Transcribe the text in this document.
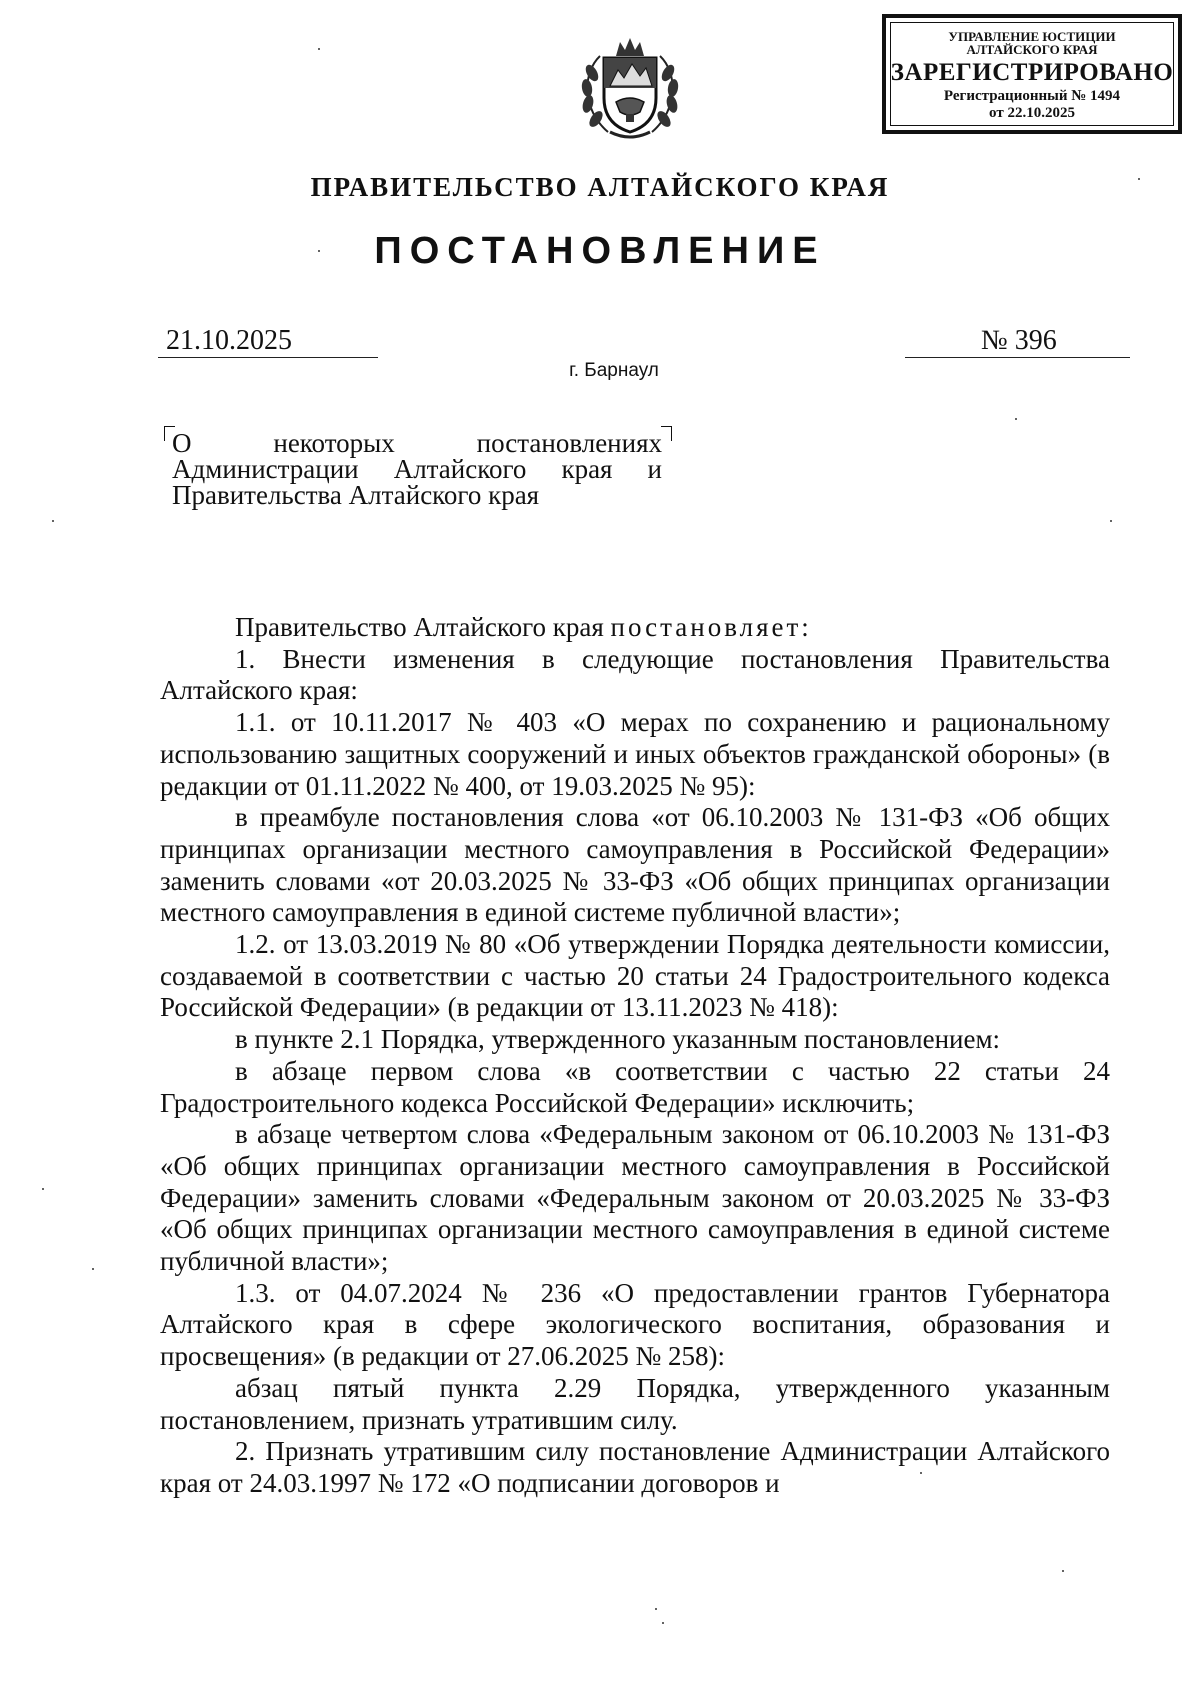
УПРАВЛЕНИЕ ЮСТИЦИИ
АЛТАЙСКОГО КРАЯ
ЗАРЕГИСТРИРОВАНО
Регистрационный № 1494
от 22.10.2025
ПРАВИТЕЛЬСТВО АЛТАЙСКОГО КРАЯ
ПОСТАНОВЛЕНИЕ
21.10.2025	№ 396
г. Барнаул
О некоторых постановлениях
Администрации Алтайского края и
Правительства Алтайского края

Правительство Алтайского края постановляет:

1. Внести изменения в следующие постановления Правительства Алтайского края:

1.1. от 10.11.2017 № 403 «О мерах по сохранению и рациональному использованию защитных сооружений и иных объектов гражданской обороны» (в редакции от 01.11.2022 № 400, от 19.03.2025 № 95):

в преамбуле постановления слова «от 06.10.2003 № 131-ФЗ «Об общих принципах организации местного самоуправления в Российской Федерации» заменить словами «от 20.03.2025 № 33-ФЗ «Об общих принципах организации местного самоуправления в единой системе публичной власти»;

1.2. от 13.03.2019 № 80 «Об утверждении Порядка деятельности комиссии, создаваемой в соответствии с частью 20 статьи 24 Градостроительного кодекса Российской Федерации» (в редакции от 13.11.2023 № 418):

в пункте 2.1 Порядка, утвержденного указанным постановлением:

в абзаце первом слова «в соответствии с частью 22 статьи 24 Градостроительного кодекса Российской Федерации» исключить;

в абзаце четвертом слова «Федеральным законом от 06.10.2003 № 131-ФЗ «Об общих принципах организации местного самоуправления в Российской Федерации» заменить словами «Федеральным законом от 20.03.2025 № 33-ФЗ «Об общих принципах организации местного самоуправления в единой системе публичной власти»;

1.3. от 04.07.2024 № 236 «О предоставлении грантов Губернатора Алтайского края в сфере экологического воспитания, образования и просвещения» (в редакции от 27.06.2025 № 258):

абзац пятый пункта 2.29 Порядка, утвержденного указанным постановлением, признать утратившим силу.

2. Признать утратившим силу постановление Администрации Алтайского края от 24.03.1997 № 172 «О подписании договоров и
